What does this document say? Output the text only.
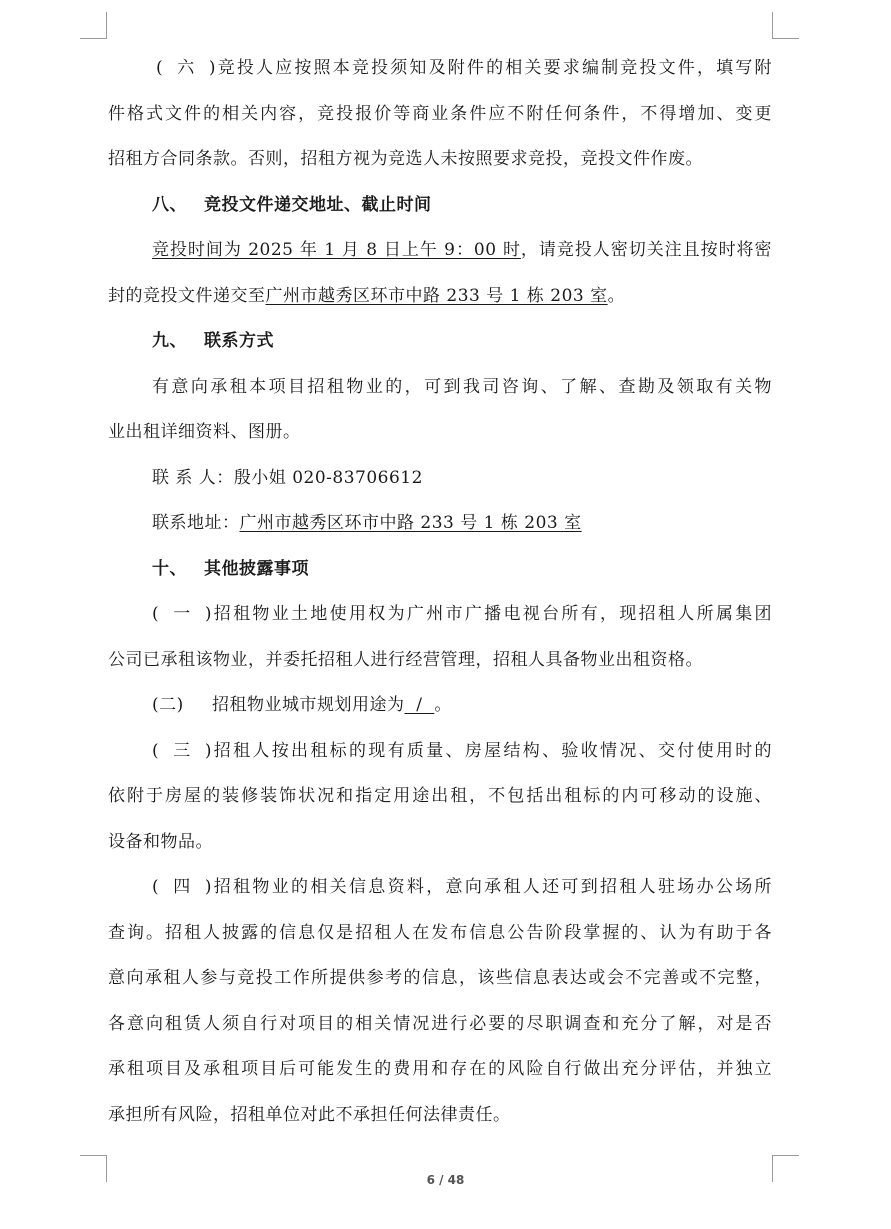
(六)竞投人应按照本竞投须知及附件的相关要求编制竞投文件，填写附
件格式文件的相关内容，竞投报价等商业条件应不附任何条件，不得增加、变更
招租方合同条款。否则，招租方视为竞选人未按照要求竞投，竞投文件作废。
八、 竞投文件递交地址、截止时间
竞投时间为 2025 年 1 月 8 日上午 9：00 时，请竞投人密切关注且按时将密
封的竞投文件递交至广州市越秀区环市中路 233 号 1 栋 203 室。
九、 联系方式
有意向承租本项目招租物业的，可到我司咨询、了解、查勘及领取有关物
业出租详细资料、图册。
联 系 人：殷小姐 020-83706612
联系地址：广州市越秀区环市中路 233 号 1 栋 203 室
十、 其他披露事项
(一)招租物业土地使用权为广州市广播电视台所有，现招租人所属集团
公司已承租该物业，并委托招租人进行经营管理，招租人具备物业出租资格。
(二) 招租物业城市规划用途为  /  。
(三)招租人按出租标的现有质量、房屋结构、验收情况、交付使用时的
依附于房屋的装修装饰状况和指定用途出租，不包括出租标的内可移动的设施、
设备和物品。
(四)招租物业的相关信息资料，意向承租人还可到招租人驻场办公场所
查询。招租人披露的信息仅是招租人在发布信息公告阶段掌握的、认为有助于各
意向承租人参与竞投工作所提供参考的信息，该些信息表达或会不完善或不完整，
各意向租赁人须自行对项目的相关情况进行必要的尽职调查和充分了解，对是否
承租项目及承租项目后可能发生的费用和存在的风险自行做出充分评估，并独立
承担所有风险，招租单位对此不承担任何法律责任。
6 / 48
